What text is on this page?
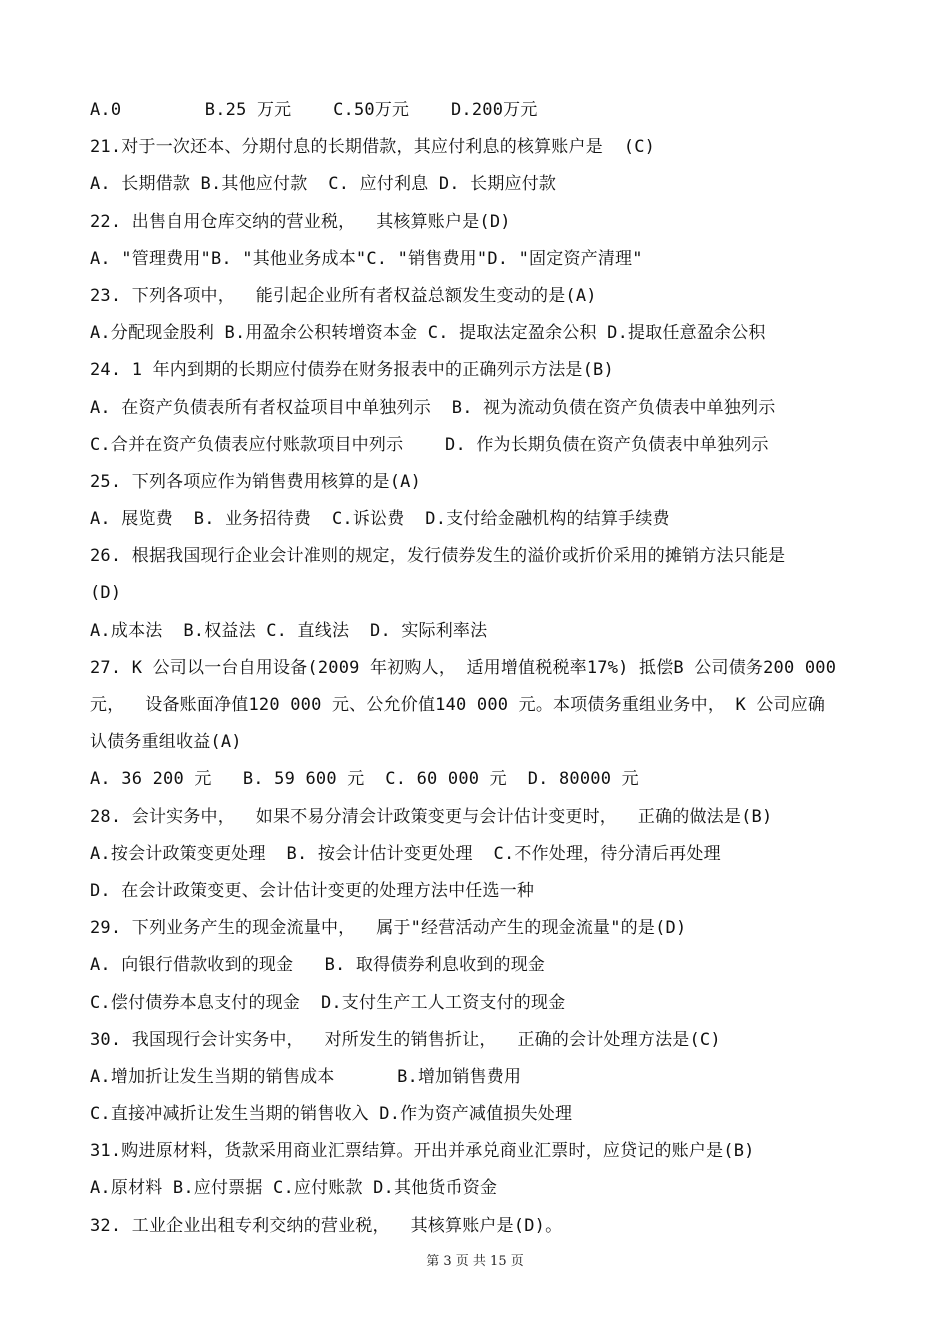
A.0        B.25 万元    C.50万元    D.200万元
21.对于一次还本、分期付息的长期借款，其应付利息的核算账户是  (C)
A. 长期借款 B.其他应付款  C. 应付利息 D. 长期应付款
22. 出售自用仓库交纳的营业税，  其核算账户是(D)
A. "管理费用"B. "其他业务成本"C. "销售费用"D. "固定资产清理"
23. 下列各项中，  能引起企业所有者权益总额发生变动的是(A)
A.分配现金股利 B.用盈余公积转增资本金 C. 提取法定盈余公积 D.提取任意盈余公积
24. 1 年内到期的长期应付债券在财务报表中的正确列示方法是(B)
A. 在资产负债表所有者权益项目中单独列示  B. 视为流动负债在资产负债表中单独列示
C.合并在资产负债表应付账款项目中列示    D. 作为长期负债在资产负债表中单独列示
25. 下列各项应作为销售费用核算的是(A)
A. 展览费  B. 业务招待费  C.诉讼费  D.支付给金融机构的结算手续费
26. 根据我国现行企业会计准则的规定，发行债券发生的溢价或折价采用的摊销方法只能是
(D)
A.成本法  B.权益法 C. 直线法  D. 实际利率法
27. K 公司以一台自用设备(2009 年初购人， 适用增值税税率17%) 抵偿B 公司债务200 000
元，  设备账面净值120 000 元、公允价值140 000 元。本项债务重组业务中， K 公司应确
认债务重组收益(A)
A. 36 200 元   B. 59 600 元  C. 60 000 元  D. 80000 元
28. 会计实务中，  如果不易分清会计政策变更与会计估计变更时，  正确的做法是(B)
A.按会计政策变更处理  B. 按会计估计变更处理  C.不作处理，待分清后再处理
D. 在会计政策变更、会计估计变更的处理方法中任选一种
29. 下列业务产生的现金流量中，  属于"经营活动产生的现金流量"的是(D)
A. 向银行借款收到的现金   B. 取得债券利息收到的现金
C.偿付债券本息支付的现金  D.支付生产工人工资支付的现金
30. 我国现行会计实务中，  对所发生的销售折让，  正确的会计处理方法是(C)
A.增加折让发生当期的销售成本      B.增加销售费用
C.直接冲减折让发生当期的销售收入 D.作为资产减值损失处理
31.购进原材料，货款采用商业汇票结算。开出并承兑商业汇票时，应贷记的账户是(B)
A.原材料 B.应付票据 C.应付账款 D.其他货币资金
32. 工业企业出租专利交纳的营业税，  其核算账户是(D)。
第 3 页 共 15 页
